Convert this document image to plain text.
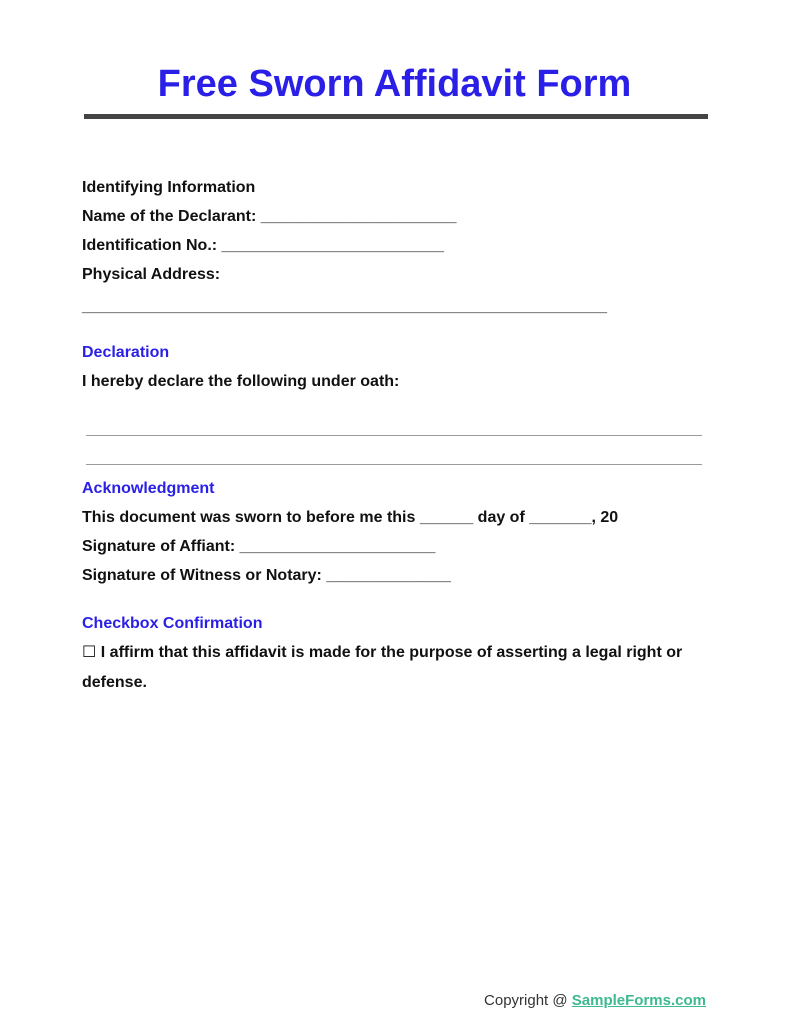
Free Sworn Affidavit Form

Identifying Information

Name of the Declarant: ______________________

Identification No.: _________________________

Physical Address:

___________________________________________________________

Declaration

I hereby declare the following under oath:

Acknowledgment

This document was sworn to before me this ______ day of _______, 20

Signature of Affiant: ______________________

Signature of Witness or Notary: ______________

Checkbox Confirmation

☐ I affirm that this affidavit is made for the purpose of asserting a legal right or

defense.

Copyright @ SampleForms.com
